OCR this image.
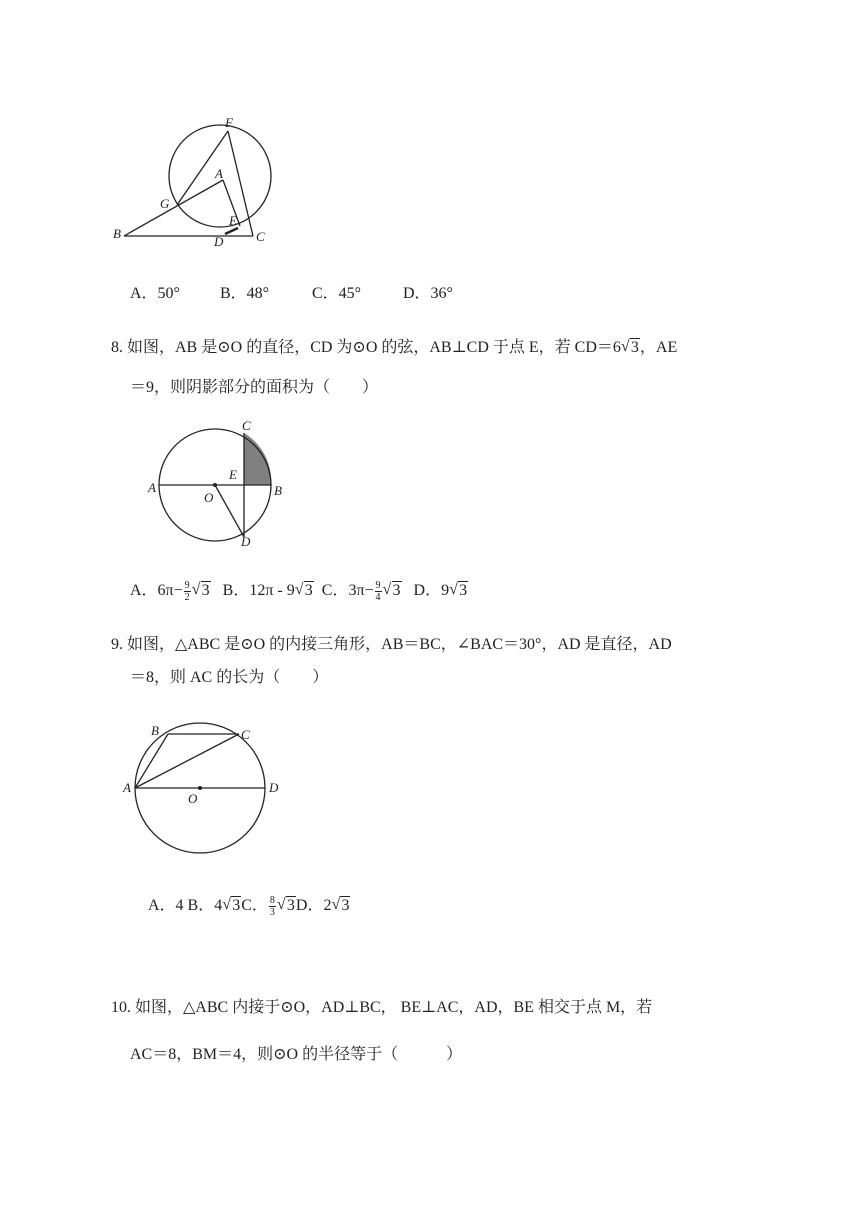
F
A
G
E
B
D	C
A．50°	B．48°	C．45°	D．36°
8. 如图，AB 是⊙O 的直径，CD 为⊙O 的弦，AB⊥CD 于点 E，若 CD＝6 √ 3，AE
＝9，则阴影部分的面积为（　　）
C
A
E
O	B
D
A．$6\pi- \frac{9}{2}$ √ 3 B．12π - 9 √ 3 C．$3\pi- \frac{9}{4}$ √ 3 D．9 √ 3
9. 如图，△ABC 是⊙O 的内接三角形，AB＝BC，∠BAC＝30°，AD 是直径，AD
＝8，则 AC 的长为（　　）
B	C
A
O
D
A．4 B．4 √ 3C． $\frac{8}{3}$ √ 3D．2 √ 3
10. 如图，△ABC 内接于⊙O，AD⊥BC， BE⊥AC，AD，BE 相交于点 M，若
AC＝8，BM＝4，则⊙O 的半径等于（　　　）
